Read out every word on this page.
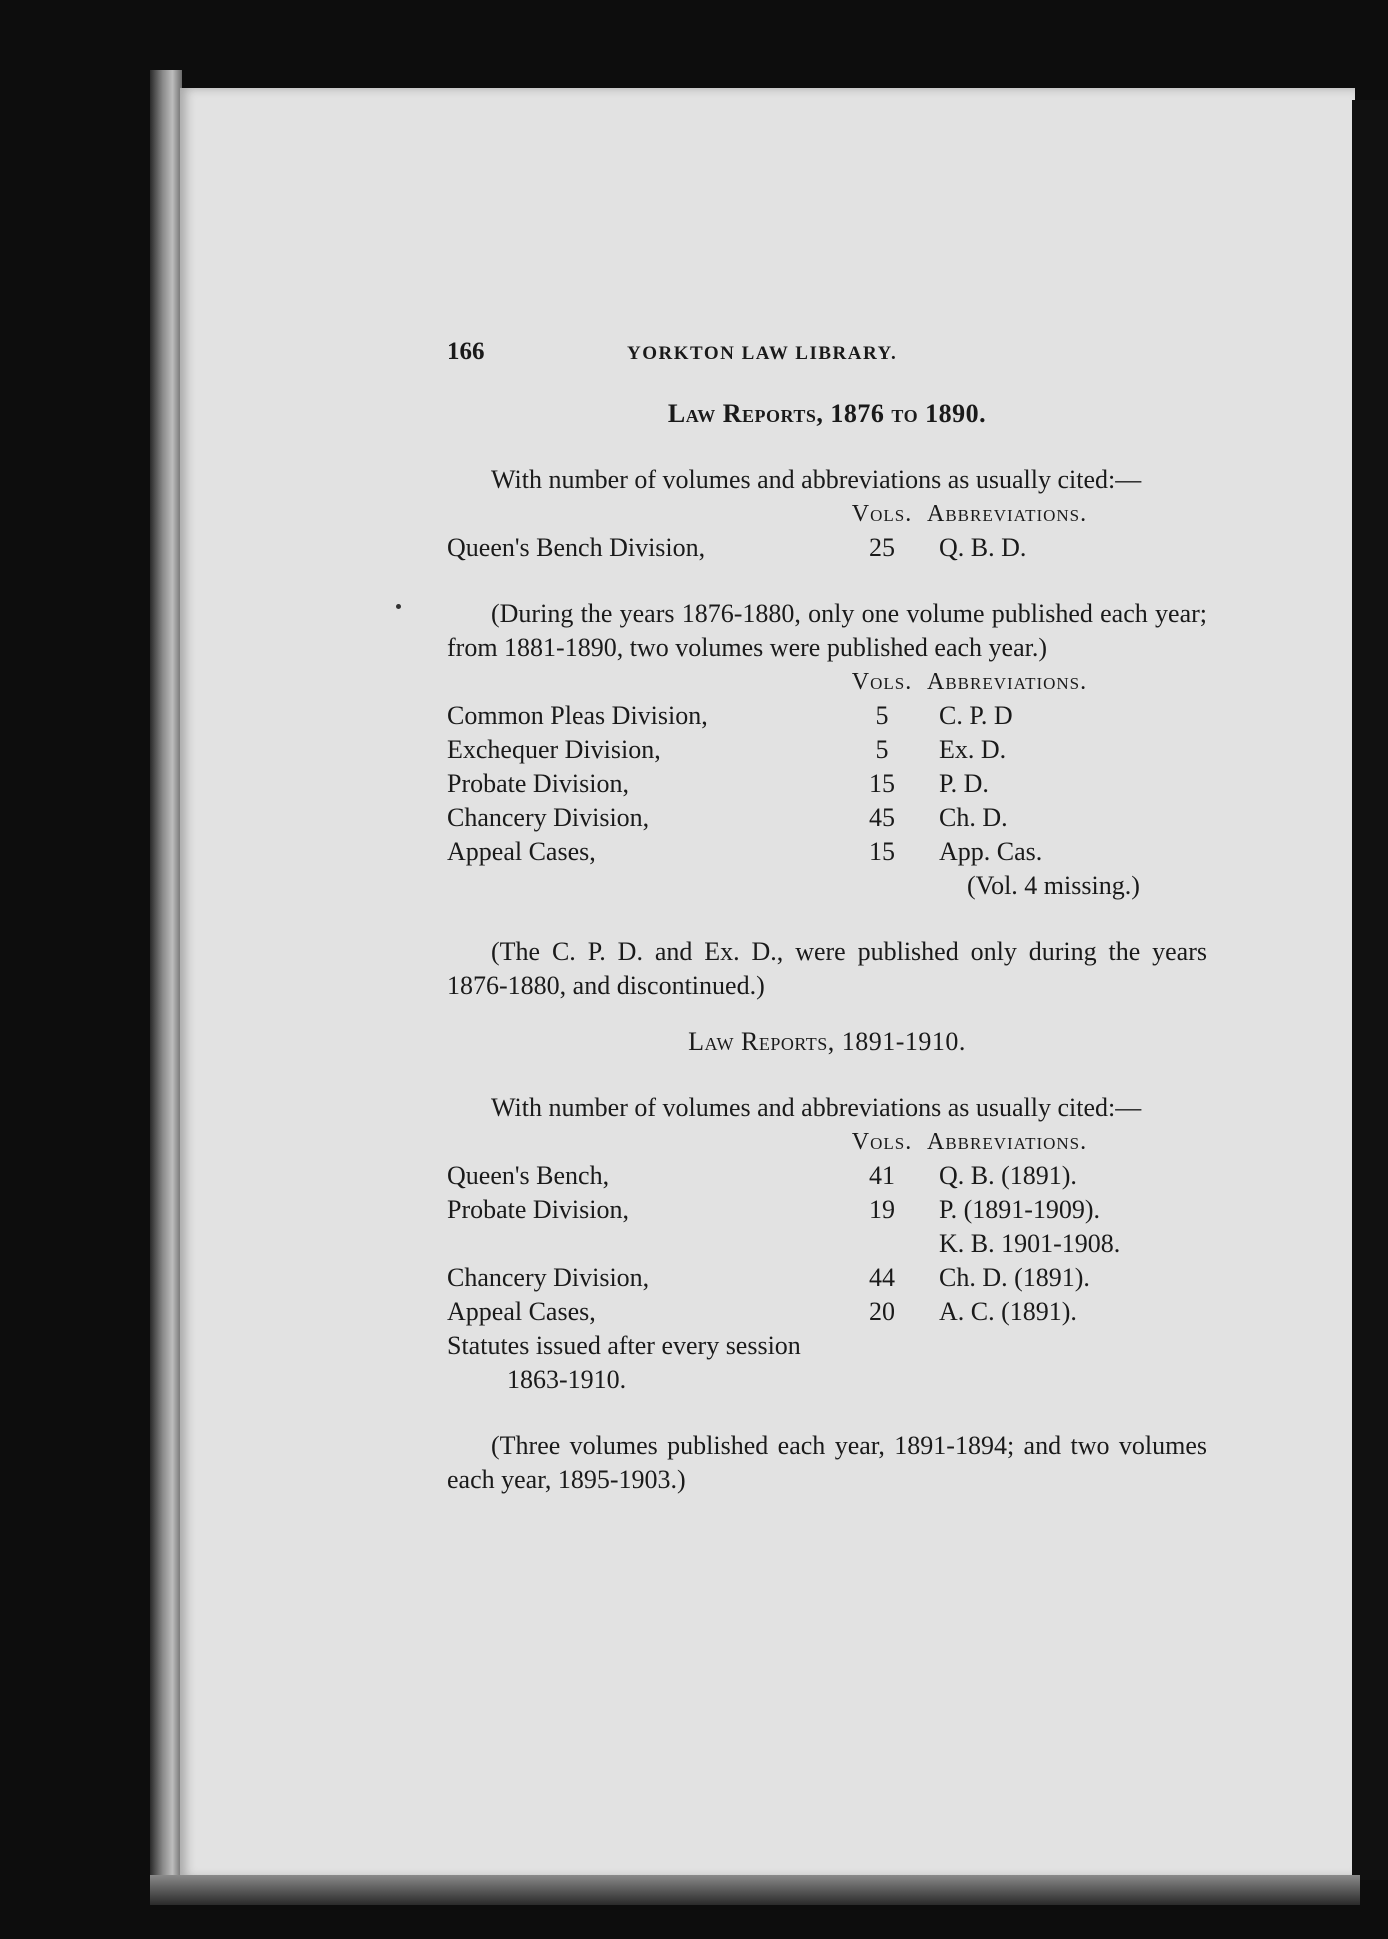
166	YORKTON LAW LIBRARY.
Law Reports, 1876 to 1890.

With number of volumes and abbreviations as usually cited:—

Vols. Abbreviations.
Queen's Bench Division,	25	Q. B. D.

(During the years 1876-1880, only one volume published each year; from 1881-1890, two volumes were published each year.)

Vols. Abbreviations.
Common Pleas Division,	5	C. P. D
Exchequer Division,	5	Ex. D.
Probate Division,	15	P. D.
Chancery Division,	45	Ch. D.
Appeal Cases,	15	App. Cas.
(Vol. 4 missing.)

(The C. P. D. and Ex. D., were published only during the years 1876-1880, and discontinued.)

Law Reports, 1891-1910.

With number of volumes and abbreviations as usually cited:—

Vols. Abbreviations.
Queen's Bench,	41	Q. B. (1891).
Probate Division,	19	P. (1891-1909).
K. B. 1901-1908.
Chancery Division,	44	Ch. D. (1891).
Appeal Cases,	20	A. C. (1891).
Statutes issued after every session
1863-1910.

(Three volumes published each year, 1891-1894; and two volumes each year, 1895-1903.)
